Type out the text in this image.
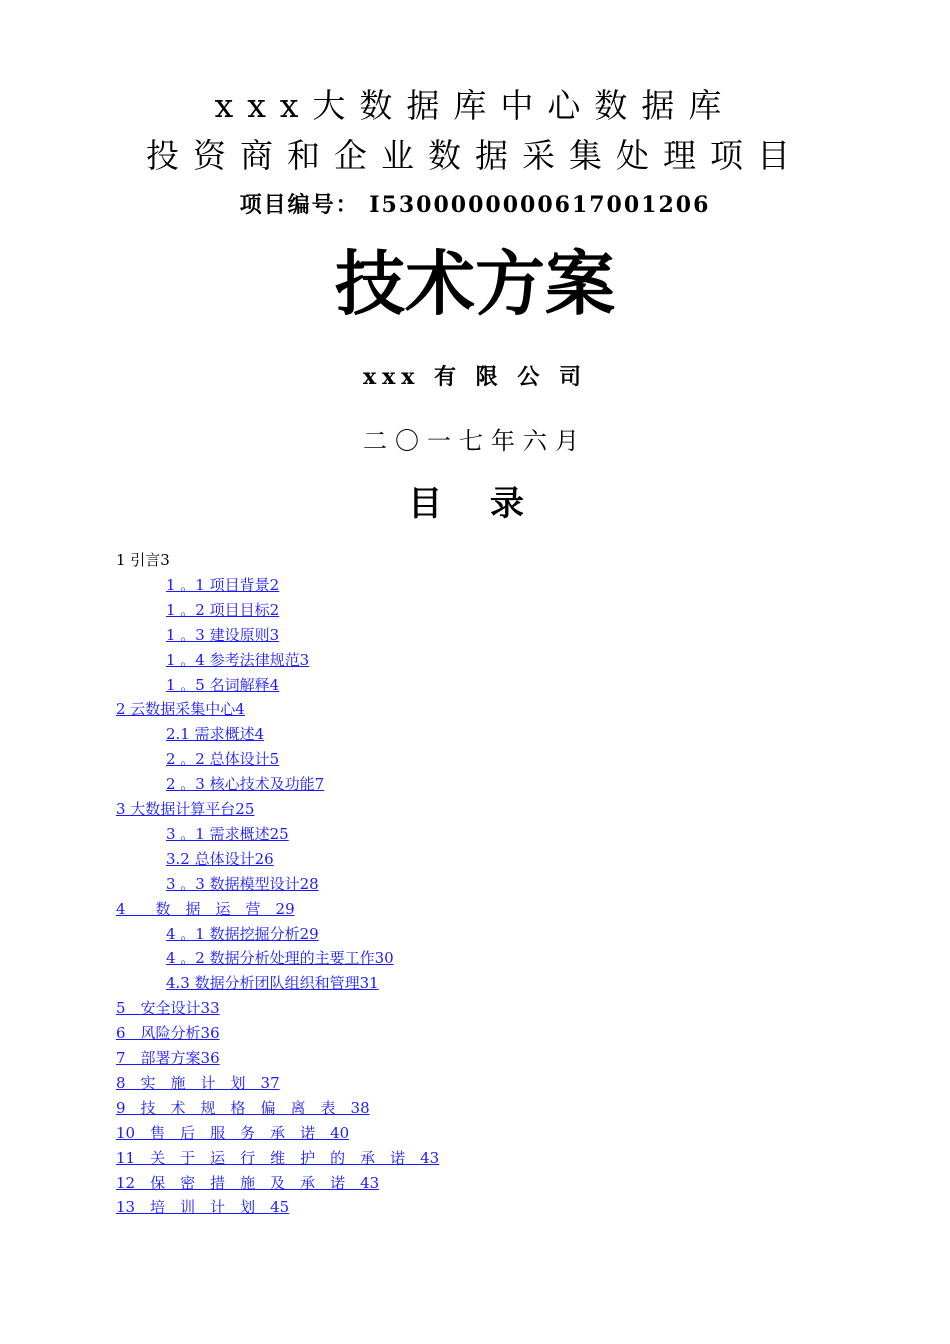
xxx大数据库中心数据库
投资商和企业数据采集处理项目
项目编号： I5300000000617001206
技术方案
xxx 有 限 公 司
二〇一七年六月
目 录
1 引言3
1 。1 项目背景2
1 。2 项目目标2
1 。3 建设原则3
1 。4 参考法律规范3
1 。5 名词解释4
2 云数据采集中心4
2.1 需求概述4
2 。2 总体设计5
2 。3 核心技术及功能7
3 大数据计算平台25
3 。1 需求概述25
3.2 总体设计26
3 。3 数据模型设计28
4　　数　据　运　营　29
4 。1 数据挖掘分析29
4 。2 数据分析处理的主要工作30
4.3 数据分析团队组织和管理31
5　安全设计33
6　风险分析36
7　部署方案36
8　实　施　计　划　37
9　技　术　规　格　偏　离　表　38
10　售　后　服　务　承　诺　40
11　关　于　运　行　维　护　的　承　诺　43
12　保　密　措　施　及　承　诺　43
13　培　训　计　划　45
